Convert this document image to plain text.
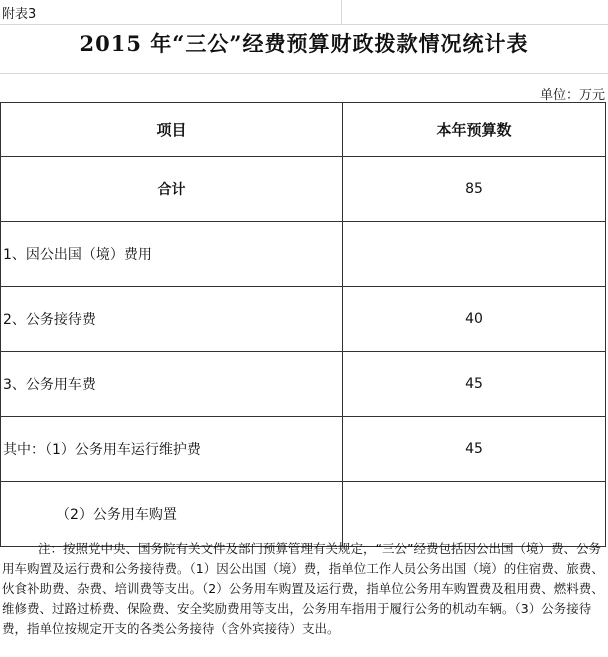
附表3
2015 年“三公”经费预算财政拨款情况统计表
单位：万元
项目	本年预算数
合计	85
1、因公出国（境）费用	
2、公务接待费	40
3、公务用车费	45
其中：（1）公务用车运行维护费	45
（2）公务用车购置	
注：按照党中央、国务院有关文件及部门预算管理有关规定，“三公”经费包括因公出国（境）费、公务用车购置及运行费和公务接待费。（1）因公出国（境）费，指单位工作人员公务出国（境）的住宿费、旅费、伙食补助费、杂费、培训费等支出。（2）公务用车购置及运行费，指单位公务用车购置费及租用费、燃料费、维修费、过路过桥费、保险费、安全奖励费用等支出，公务用车指用于履行公务的机动车辆。（3）公务接待费，指单位按规定开支的各类公务接待（含外宾接待）支出。
